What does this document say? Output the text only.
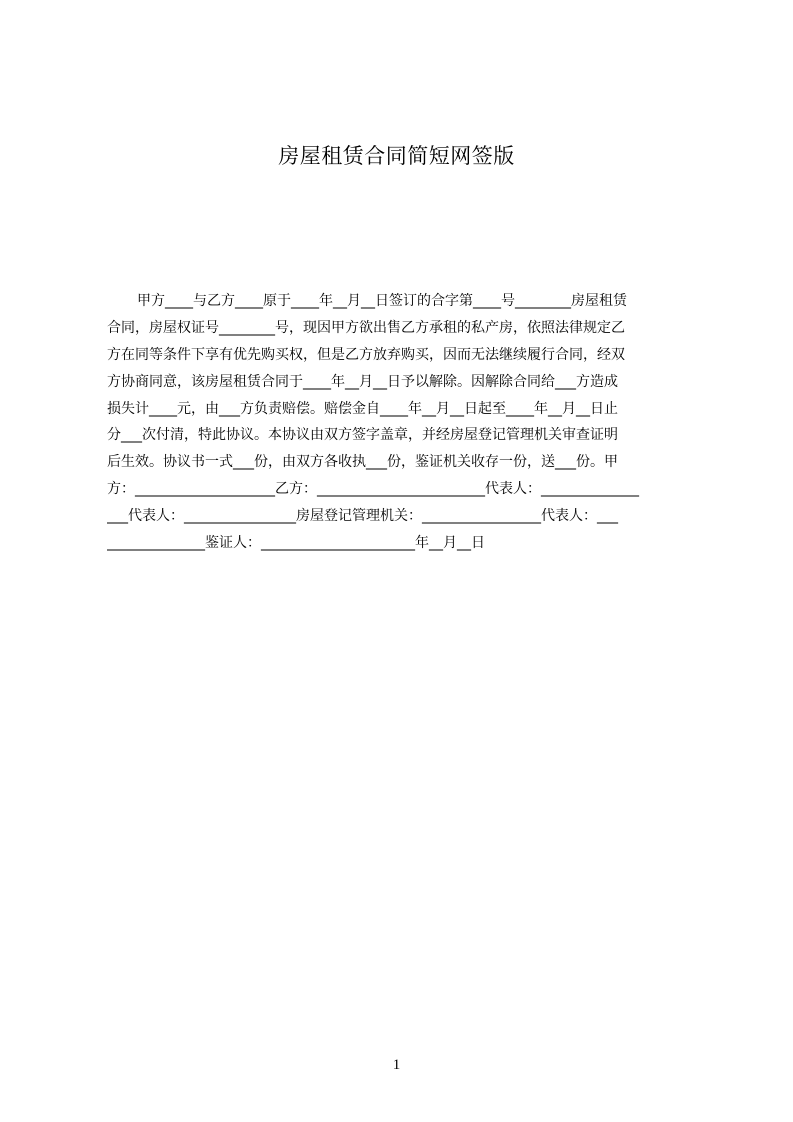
房屋租赁合同简短网签版
甲方____与乙方____原于____年__月__日签订的合字第____号________房屋租赁
合同，房屋权证号________号，现因甲方欲出售乙方承租的私产房，依照法律规定乙
方在同等条件下享有优先购买权，但是乙方放弃购买，因而无法继续履行合同，经双
方协商同意，该房屋租赁合同于____年__月__日予以解除。因解除合同给___方造成
损失计____元，由___方负责赔偿。赔偿金自____年__月__日起至____年__月__日止
分___次付清，特此协议。本协议由双方签字盖章，并经房屋登记管理机关审查证明
后生效。协议书一式___份，由双方各收执___份，鉴证机关收存一份，送___份。甲
方：____________________乙方：________________________代表人：______________
___代表人：________________房屋登记管理机关：_________________代表人：___
______________鉴证人：______________________年__月__日
1
